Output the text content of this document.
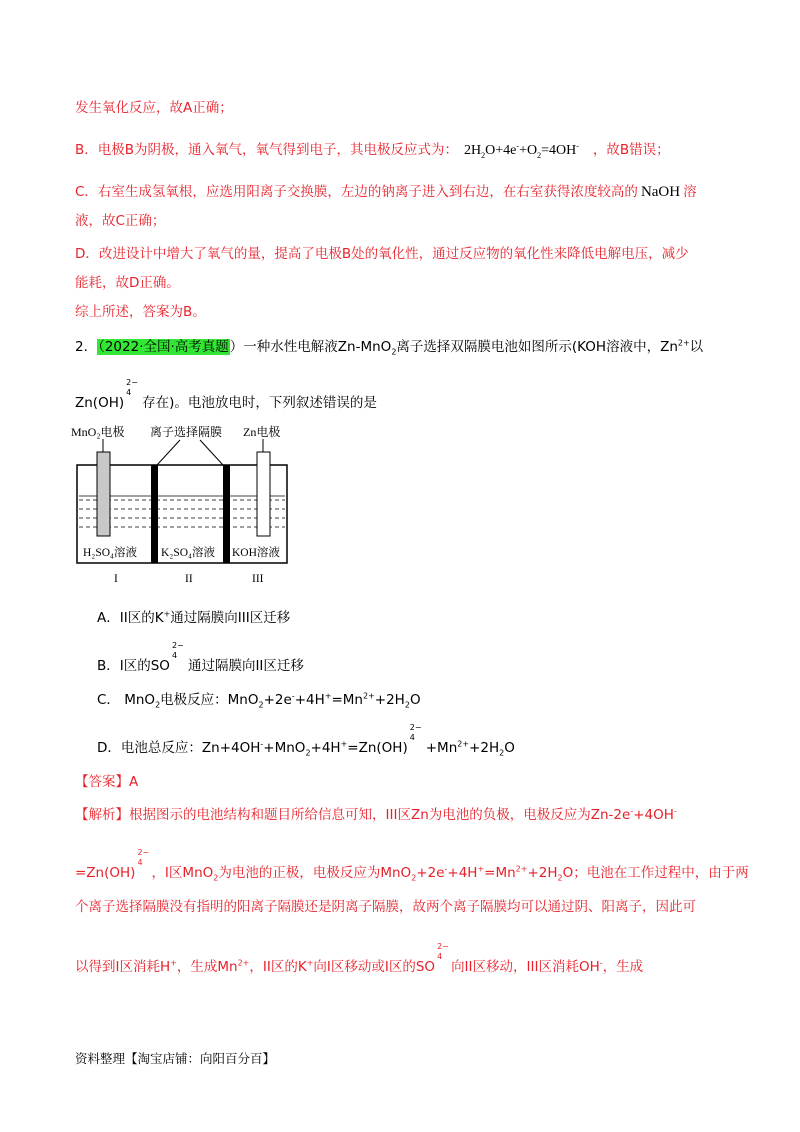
发生氧化反应，故A正确；
B．电极B为阴极，通入氧气，氧气得到电子，其电极反应式为： $2H_2O+4e^-+O_2=4OH^-$ ，故B错误；
C．右室生成氢氧根，应选用阳离子交换膜，左边的钠离子进入到右边，在右室获得浓度较高的 NaOH 溶
液，故C正确；
D．改进设计中增大了氧气的量，提高了电极B处的氧化性，通过反应物的氧化性来降低电解电压，减少
能耗，故D正确。
综上所述，答案为B。
2．（2022·全国·高考真题）一种水性电解液Zn-MnO$_2$离子选择双隔膜电池如图所示(KOH溶液中，$Zn^{2+}$以
Zn(OH)
2−
4
存在)。电池放电时，下列叙述错误的是
MnO₂电极 离子选择隔膜 Zn电极
H₂SO₄溶液 K₂SO₄溶液 KOH溶液
I	II	III
A．II区的K+通过隔膜向III区迁移
B．I区的SO
2−
4
通过隔膜向II区迁移
C． MnO$_2$电极反应：$MnO_2+2e^-+4H^+=Mn^{2+}+2H_2O$
D．电池总反应：Zn+4OH-+MnO$_2$+4H+=Zn(OH)
2−
4
$+Mn^{2+}+2H_2O$
【答案】A
【解析】根据图示的电池结构和题目所给信息可知，III区Zn为电池的负极，电极反应为Zn-2e-+4OH-
=Zn(OH)
2−
4
，I区MnO$_2$为电池的正极，电极反应为$MnO_2+2e^-+4H^+=Mn^{2+}+2H_2O$；电池在工作过程中，由于两
个离子选择隔膜没有指明的阳离子隔膜还是阴离子隔膜，故两个离子隔膜均可以通过阴、阳离子，因此可
以得到I区消耗H+，生成$Mn^{2+}$，II区的K+向I区移动或I区的SO
2−
4
向II区移动，III区消耗OH-，生成
资料整理【淘宝店铺：向阳百分百】
